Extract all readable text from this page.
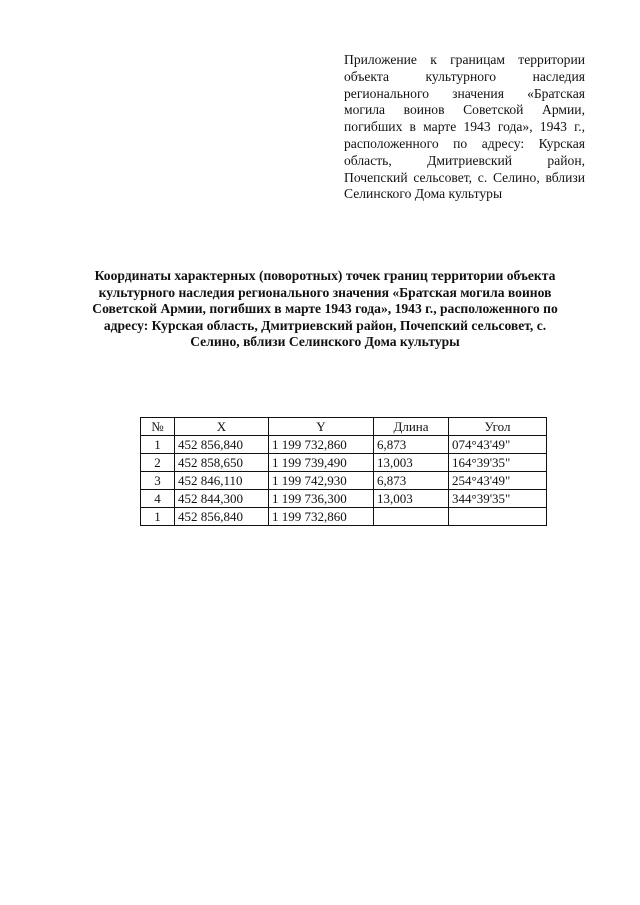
Приложение к границам территории объекта культурного наследия регионального значения «Братская могила воинов Советской Армии, погибших в марте 1943 года», 1943 г., расположенного по адресу: Курская область, Дмитриевский район, Почепский сельсовет, с. Селино, вблизи Селинского Дома культуры

Координаты характерных (поворотных) точек границ территории объекта культурного наследия регионального значения «Братская могила воинов Советской Армии, погибших в марте 1943 года», 1943 г., расположенного по адресу: Курская область, Дмитриевский район, Почепский сельсовет, с. Селино, вблизи Селинского Дома культуры

№	X	Y	Длина	Угол
1	452 856,840	1 199 732,860	6,873	074°43'49"
2	452 858,650	1 199 739,490	13,003	164°39'35"
3	452 846,110	1 199 742,930	6,873	254°43'49"
4	452 844,300	1 199 736,300	13,003	344°39'35"
1	452 856,840	1 199 732,860		
